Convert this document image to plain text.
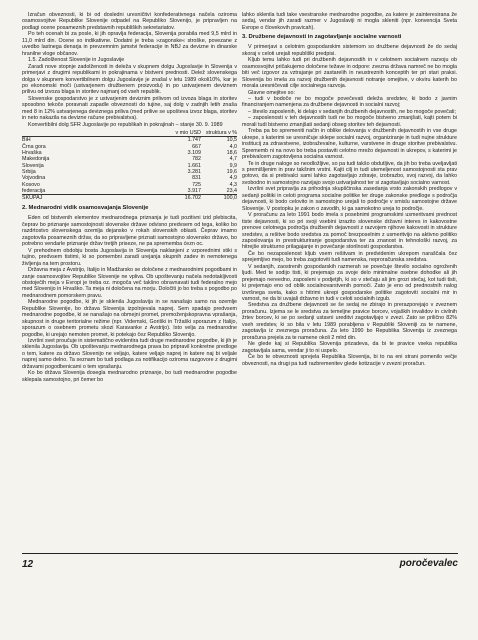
Izračun obveznosti, ki bi od dosledni uresničitvi konfederativnega načela oziroma osamosvojitve Republike Slovenije odpadel na Republiko Slovenijo, je pripravljen na podlagi ocene posameznih predstavnih republiških sekretariatov.

Po teh ocenah bi za posle, ki jih opravlja federacija, Slovenija porabila med 9,5 mlrd in 11,0 mlrd din. Ocene so indikativne. Dodatni je treba »zagonske« stroške, povezane z uvedbo lastnega denarja in prevzemnim jamstvi federacije in NBJ za devizne in dinarske hranilne vloge občanov.

1.5. Zadolženost Slovenije in Jugoslavije

Zaradi nove stopnje zadolženosti in deleža v skupnem dolgu Jugoslavije in Slovenija v primerjavi z drugimi republikami in pokrajinama v bistveni prednosti. Delež slovenskega dolga v skupnem konvertibilnem dolgu Jugoslavije je znašal v letu 1989 okoli10%, kar je po ekonomski moči (ustvarjenem družbenem proizvodu) in po ustvarjenem deviznem prilivu od izvoza blaga in storitev najmanj od vseh republik.

Slovenske gospodarstvo je z ustvarjenim deviznim prilivom od izvoza blaga in storitev sposobno tekoče poravnati zapadle obveznosti do tujine, saj dolg v zadnjih letih znaša med 8 in 12% ustvarjenega deviznega priliva (med prilive se upošteva izvoz blaga, storitev in neto nakazila na devizne račune prebivalstva).

Konvertibilni dolg SFR Jugoslavije po republikah in pokrajinah – stanje 30. 9. 1989

	v mio USD	struktura v %
BiH	1.747	10,5
Črna gora	667	4,0
Hrvaška	3.109	18,6
Makedonija	782	4,7
Slovenija	1.661	9,9
Srbija	3.281	19,6
Vojvodina	831	4,9
Kosovo	725	4,3
federacija	3.917	23,4
SKUPAJ	16.702	100,0
2. Mednarodni vidik osamosvajanja Slovenije

Eden od bistvenih elementov mednarodnega priznanja je tudi pozitivni izid plebiscita, čeprav bo priznanje samostojnosti slovenske države odvisno predvsem od tega, koliko bo razdrtostvo slovenskega ozemlja dejansko v rokah slovenskih oblasti. Čeprav imamo zagotovila posameznih držav, da so pripravljene priznati samostojno slovensko državo, bo potrebno vendarle priznanje držav tretjih priseze, ne pa sprememba ćezn oc.

V prehodnem obdobju bosta Jugoslavija in Slovenija naklanjeni z vzporednimi stiki s tujino, predvsem tistimi, ki so pomembni zaradi urejanja skupnih zadev in nemotenega življenja na tem prostoru.

Državna meja z Avstrijo, Italijo in Madžarsko se določene z mednarodnimi pogodbami in zanje osamosvojitev Republike Slovenije ne vpliva. Ob upoštevanju načela nedotakljivosti obstoječih meja v Evropi je treba oz. mogoča več takšno obravnavati tudi federalno mejo med Slovenijo in Hrvaško. Ta meja ni določena na morju. Določiti jo bo treba s pogodbo po mednarodnem pomorskem pravu.

Mednarodne pogodbe, ki jih je sklenila Jugoslavija in se nanašajo samo na ozemlje Republike Slovenije, bo država Slovenija izpolnjevala naprej. Sem spadajo predvsem mednarodne pogodbe, ki se nanašajo na obmejni promet, premoženjskopravna vprašanja, skupnost in druge teritorialne režime (npr. Videmski, Goriški in Tržaški sporazum z Italijo, sporazum o osebnem prometu skozi Karavanke z Avstrijo). Isto velja za mednarodne pogodbe, ki urejajo nemoten promet, ki potekajo čez Republiko Slovenijo.

Izvršni svet proučuje in sistematično evidentira tudi druge mednarodne pogodbe, ki jih je sklenila Jugoslavija. Ob upoštevanju mednarodnega prava bo pripravil konkretne predloge o tem, katere za državo Slovenijo ne veljajo, katere veljajo naprej in katere naj bi veljale naprej samo delno. Ta seznam bo tudi podlaga za notifikacijo oziroma razgovore z drugimi državami pogodbenicami o tem vprašanju.

Ko bo država Slovenija dosegla mednarodno priznanje, bo tudi mednarodne pogodbe sklepala samostojno, pri čemer bo

lahko sklenila tudi take vsestranske mednarodne pogodbe, za katere je zainteresirana že sedaj, vendar jih zaradi razmer v Jugoslaviji ni mogla skleniti (npr. konvencija Sveta Evrope o človekovih pravicah).

3. Družbene dejavnosti in zagotavljanje socialne varnosti

V primerjavi s celotnim gospodarskim sistemom so družbene dejavnosti že do sedaj skoraj v celoti urejali republiški predpisi.

Kljub temu lahko tudi pri družbenih dejavnostih in v celotnem socialnem razvoju ob osamosvojitvi pričakujemo določene težave in odpore: zvezna država namreč ne bo mogla biti več izgovor za vztrajanje pri zastarelih in neustreznih konceptih ter pri stari praksi. Slovenija bo imela za razvoj družbenih dejavnosti notranje omejitve, v okviru katerih bo morala uresničevati cilje socialnega razvoja.

Glavne omejitve so:

– tudi v bodoče ne bo mogoče povečevati deleža sredstev, ki bodo z javnim financiranjem namenjena za družbene dejavnosti in socialni razvoj;

– število zaposlenih, ki delajo v sedanjih družbenih dejavnostih, ne bo mogoče povečati;

– zaposlenosti v teh dejavnostih tudi ne bo mogoče bistveno zmanjšati, kajti potem bi morali tudi bistveno zmanjšati sedanji obseg storitev teh dejavnosti.

Treba pa bo spremeniti način in oblike delovanja v družbenih dejavnostih in vse druge ukrepe, s katerimi se uresničuje sklepe socialni razvoj, organiziranje in tudi nujne strukture institucij za zdravstvene, izobraževalne, kulturne, varstvene in druge storitve prebivalstvu. Sprememb ni na novo bo treba postaviti celotno mrežo dejavnosti in ukrepov, s katerimi je prebivalcem zagotovljena socialna varnost.

Te in druge naloge so neodložljive, so pa tudi takšo obdutljive, da jih bo treba uveljavljati s premišljenim in prav takšnim vrstni. Kajti cilj in tudi utemeljenost samostojnosti sta prav gotovo, da si prebivalci sami lahko zagotavljajo zdravje, izobrazbo, svoj razvoj, da lahko svobodno in samostojno razvijajo svojo ustvarjalnost ter si zagotavljajo socialno varnost.

Izvršni svet pripravlja za prihodnja skupščinska zasedanja vrsto zakonskih predlogov v sedanji politiki in celoti programa socialne politike ter druge zakonske predloge s področja dejavnosti, ki bodo celovito in samostojno urejali to področje v smislu samostojne države Slovenije. V postopku je zakon o zavodih, ki ga samokotno ureja to področje.

V proračunu za leto 1991 bodo imela s posebnimi programskimi usmeritvami prednost tiste dejavnosti, ki so pri svoji vsebini izrazito slovenske državni interes in kakovostne prenove celotnega področja družbenih dejavnosti z razvojem njihove kakovosti in strukture sredstev, a rešitve bodo sredstva za pomoč brezposelnim z usmeritvijo na aktivno politiko zaposlovanja in prestrukturiranje gospodarstva ter za znanost in tehnološki razvoj, za hitrejše strukturno prilagajanje in povečanje storilnosti gospodarstva.

Če bo nezaposlenost kljub vsem rešitvam in predvidenim ukrepom naraščala čez sprejemljivo mejo, bo treba zagotoviti tudi namenska, neproračunska sredstva.

V sedanjih, zaostrenih gospodarskih razmerah se povečuje število socialno ogroženih ljudi. Med te sodijo tisti, ki prejemajo za svoje delo minimalne osebne dohodke ali jih prejemajo nereedno, zaposleni v podjetjih, ki so v stečaju ali jim grozi stečaj, kot tudi tisti, ki prejemajo eno od oblik socialnovarstvenih pomoči. Zato je eno od prednostnih nalog izvršnega sveta, kako s hitrimi ukrepi gospodarske politike zagotoviti socialni mir in varnost, ne da bi uvajali državno in tudi v celoti socialnih izgub.

Sredstva za družbene dejavnosti se še sedaj ne zbirajo in prerazporejajo v zveznem proračunu. Izjema se le sredstva za temeljne pravice borcev, vojaških invalidov in civilnih žrtev borcev, ki se po sedanji ustavni ureditvi zagotavljajo v zvezi. Zato se prilično 82% vseh sredstev, ki so bila v letu 1989 porabljena v Republiki Sloveniji za te namene, zagotavlja iz zveznega proračuna. Za leto 1990 bo Republika Slovenija iz zveznega proračuna prejela za te namene okoli 2 mlrd din.

Ne glede kaj si Republika Slovenija prizadeva, da bi te pravice vseka republika zagotavljala sama, vendar ji to ni uspelo.

Če bo te obveznosti sprejela Republika Slovenija, bi to na eni strani pomenilo večje obveznosti, na drugi pa tudi razbremenitev glede kotizacije v zvezni proračun.

12	poročevalec
